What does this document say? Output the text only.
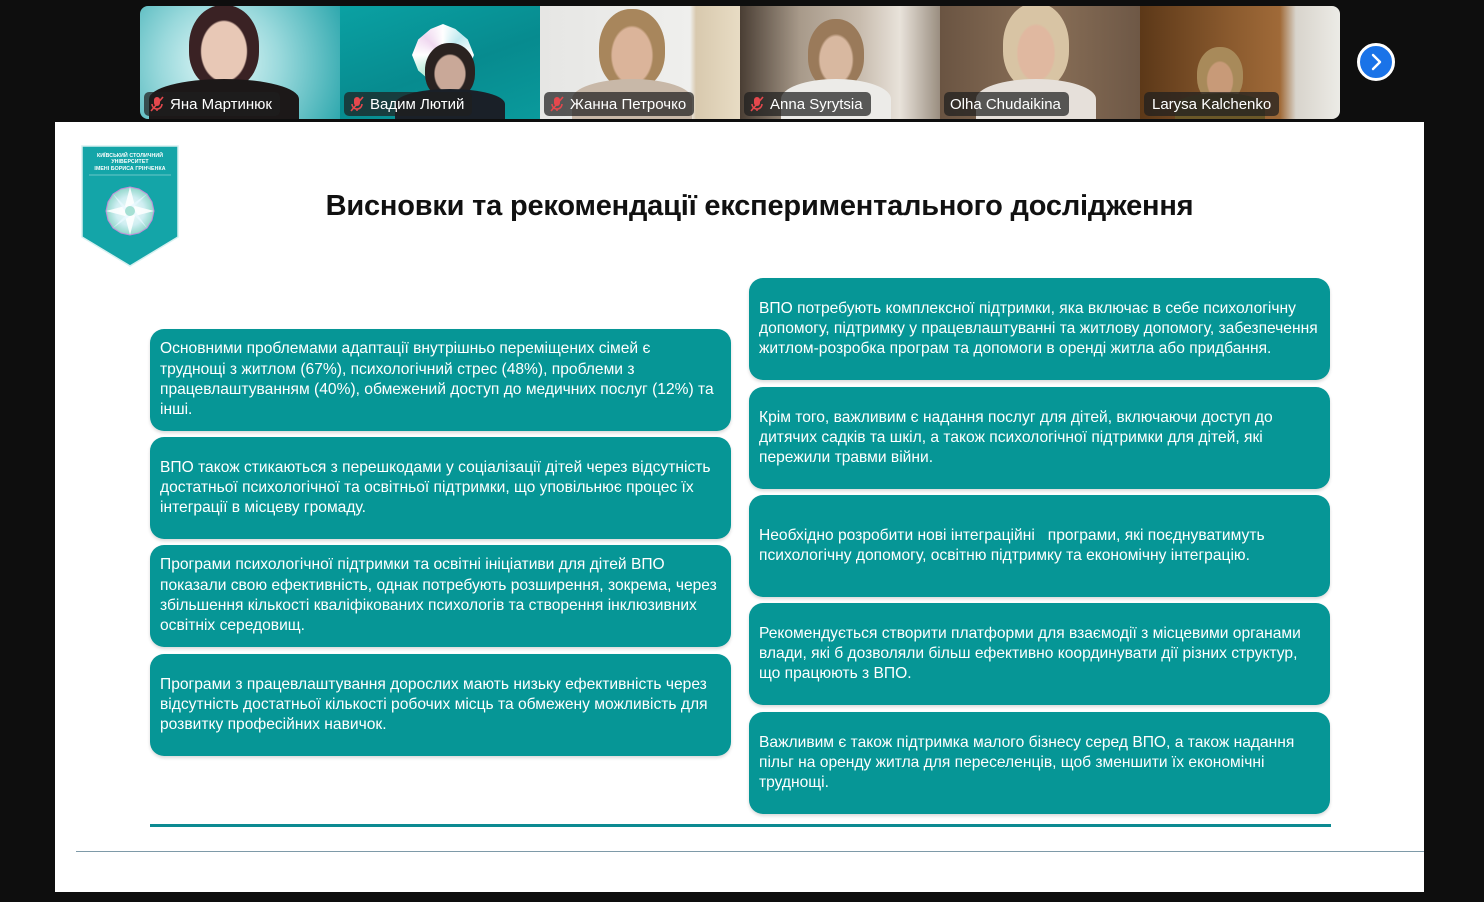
Яна Мартинюк	Вадим Лютий	Жанна Петрочко	Anna Syrytsia	Olha Chudaikina	Larysa Kalchenko
КИЇВСЬКИЙ СТОЛИЧНИЙ УНІВЕРСИТЕТ
ІМЕНІ БОРИСА ГРІНЧЕНКА
Висновки та рекомендації експериментального дослідження
Основними проблемами адаптації внутрішньо переміщених сімей є труднощі з житлом (67%), психологічний стрес (48%), проблеми з працевлаштуванням (40%), обмежений доступ до медичних послуг (12%) та інші.
ВПО також стикаються з перешкодами у соціалізації дітей через відсутність достатньої психологічної та освітньої підтримки, що уповільнює процес їх інтеграції в місцеву громаду.
Програми психологічної підтримки та освітні ініціативи для дітей ВПО показали свою ефективність, однак потребують розширення, зокрема, через збільшення кількості кваліфікованих психологів та створення інклюзивних освітніх середовищ.
Програми з працевлаштування дорослих мають низьку ефективність через відсутність достатньої кількості робочих місць та обмежену можливість для розвитку професійних навичок.
ВПО потребують комплексної підтримки, яка включає в себе психологічну допомогу, підтримку у працевлаштуванні та житлову допомогу, забезпечення житлом-розробка програм та допомоги в оренді житла або придбання.
Крім того, важливим є надання послуг для дітей, включаючи доступ до дитячих садків та шкіл, а також психологічної підтримки для дітей, які пережили травми війни.
Необхідно розробити нові інтеграційні   програми, які поєднуватимуть психологічну допомогу, освітню підтримку та економічну інтеграцію.
Рекомендується створити платформи для взаємодії з місцевими органами влади, які б дозволяли більш ефективно координувати дії різних структур, що працюють з ВПО.
Важливим є також підтримка малого бізнесу серед ВПО, а також надання пільг на оренду житла для переселенців, щоб зменшити їх економічні труднощі.
